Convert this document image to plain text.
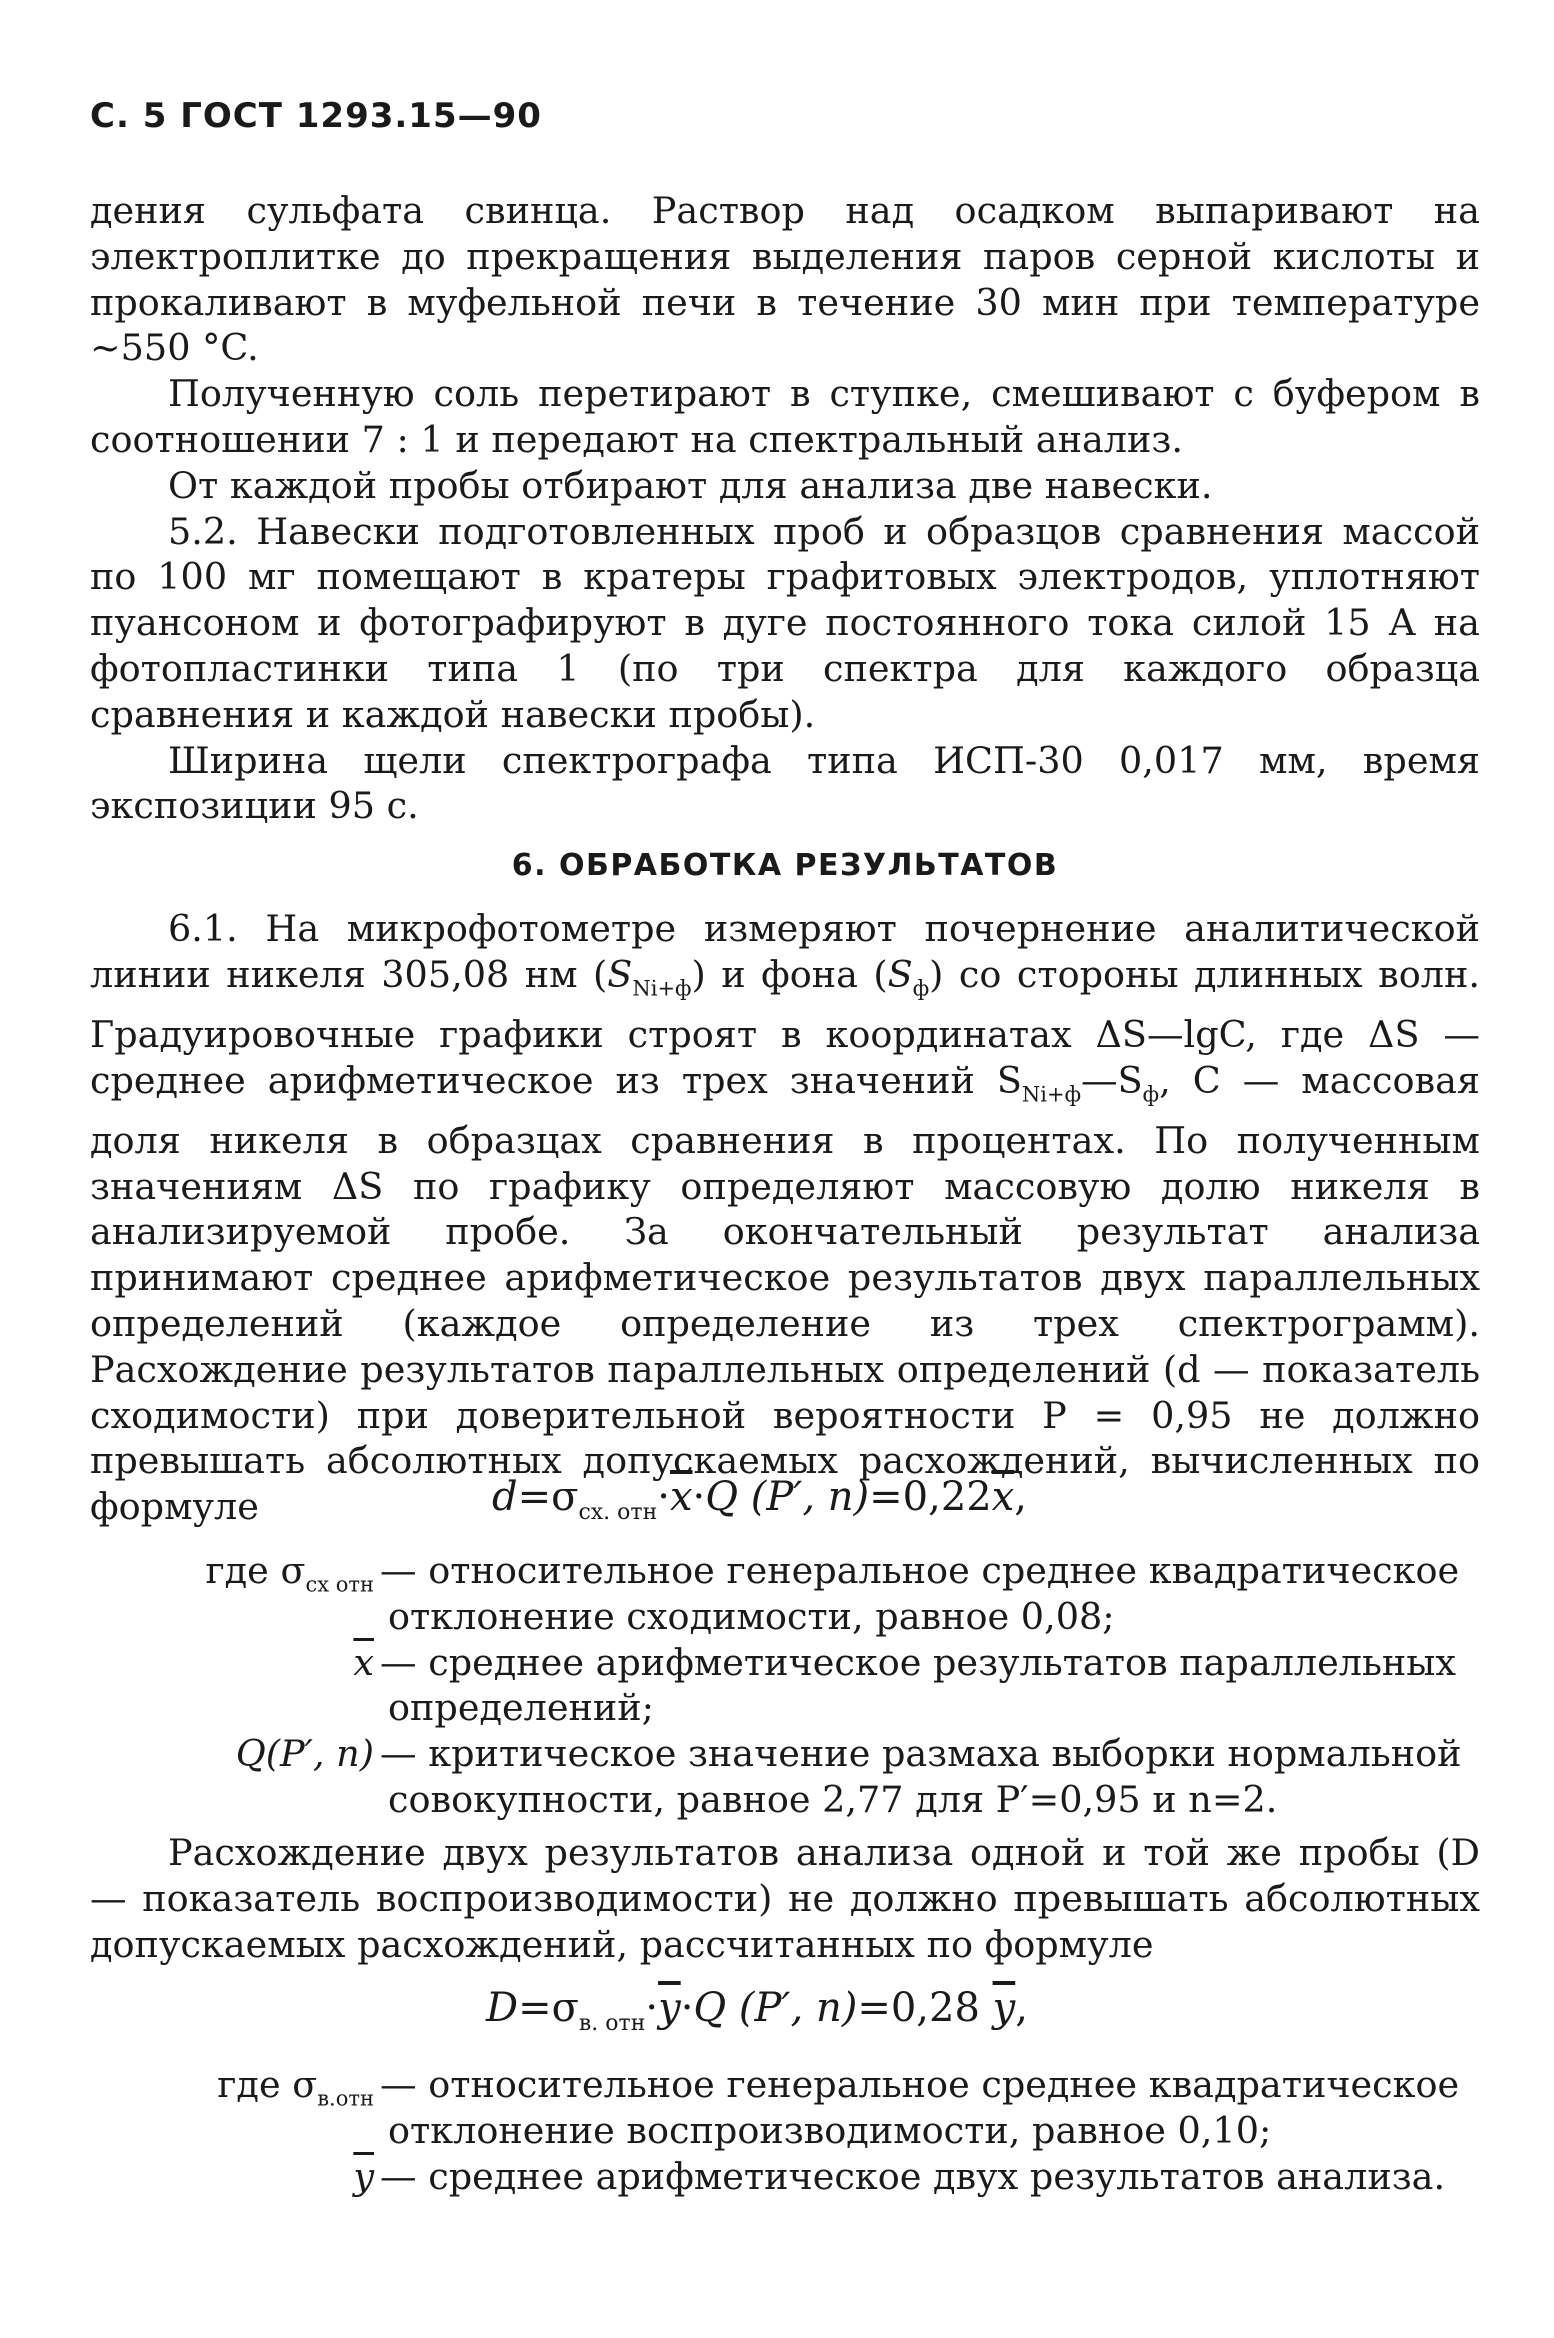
С. 5 ГОСТ 1293.15—90

дения сульфата свинца. Раствор над осадком выпаривают на электроплитке до прекращения выделения паров серной кислоты и прокаливают в муфельной печи в течение 30 мин при температуре ~550 °C.

Полученную соль перетирают в ступке, смешивают с буфером в соотношении 7 : 1 и передают на спектральный анализ.

От каждой пробы отбирают для анализа две навески.

5.2. Навески подготовленных проб и образцов сравнения массой по 100 мг помещают в кратеры графитовых электродов, уплотняют пуансоном и фотографируют в дуге постоянного тока силой 15 А на фотопластинки типа 1 (по три спектра для каждого образца сравнения и каждой навески пробы).

Ширина щели спектрографа типа ИСП-30 0,017 мм, время экспозиции 95 с.

6. ОБРАБОТКА РЕЗУЛЬТАТОВ

6.1. На микрофотометре измеряют почернение аналитической линии никеля 305,08 нм $(S_{Ni+ф})$ и фона $(S_ф)$ со стороны длинных волн. Градуировочные графики строят в координатах ΔS—lgC, где ΔS — среднее арифметическое из трех значений $S_{Ni+ф}—S_ф$, C — массовая доля никеля в образцах сравнения в процентах. По полученным значениям ΔS по графику определяют массовую долю никеля в анализируемой пробе. За окончательный результат анализа принимают среднее арифметическое результатов двух параллельных определений (каждое определение из трех спектрограмм). Расхождение результатов параллельных определений (d — показатель сходимости) при доверительной вероятности P = 0,95 не должно превышать абсолютных допускаемых расхождений, вычисленных по формуле	$d=\sigma_{сх. отн}\cdot\overline{x}\cdot Q$ (P′, $n)=0,22\overline{x}$,
где $\sigma_{сх отн}$ — относительное генеральное среднее квадратическое
отклонение сходимости, равное 0,08;
$\overline{x}$ — среднее арифметическое результатов параллельных
определений;
Q(P′, n) — критическое значение размаха выборки нормальной
совокупности, равное 2,77 для P′=0,95 и n=2.

Расхождение двух результатов анализа одной и той же пробы (D — показатель воспроизводимости) не должно превышать абсолютных допускаемых расхождений, рассчитанных по формуле

$D=\sigma_{в. отн}\cdot\overline{y}\cdot Q$ (P′, n)=0,28 $\overline{y}$,
где $\sigma_{в.отн}$ — относительное генеральное среднее квадратическое
отклонение воспроизводимости, равное 0,10;
$\overline{y}$ — среднее арифметическое двух результатов анализа.
